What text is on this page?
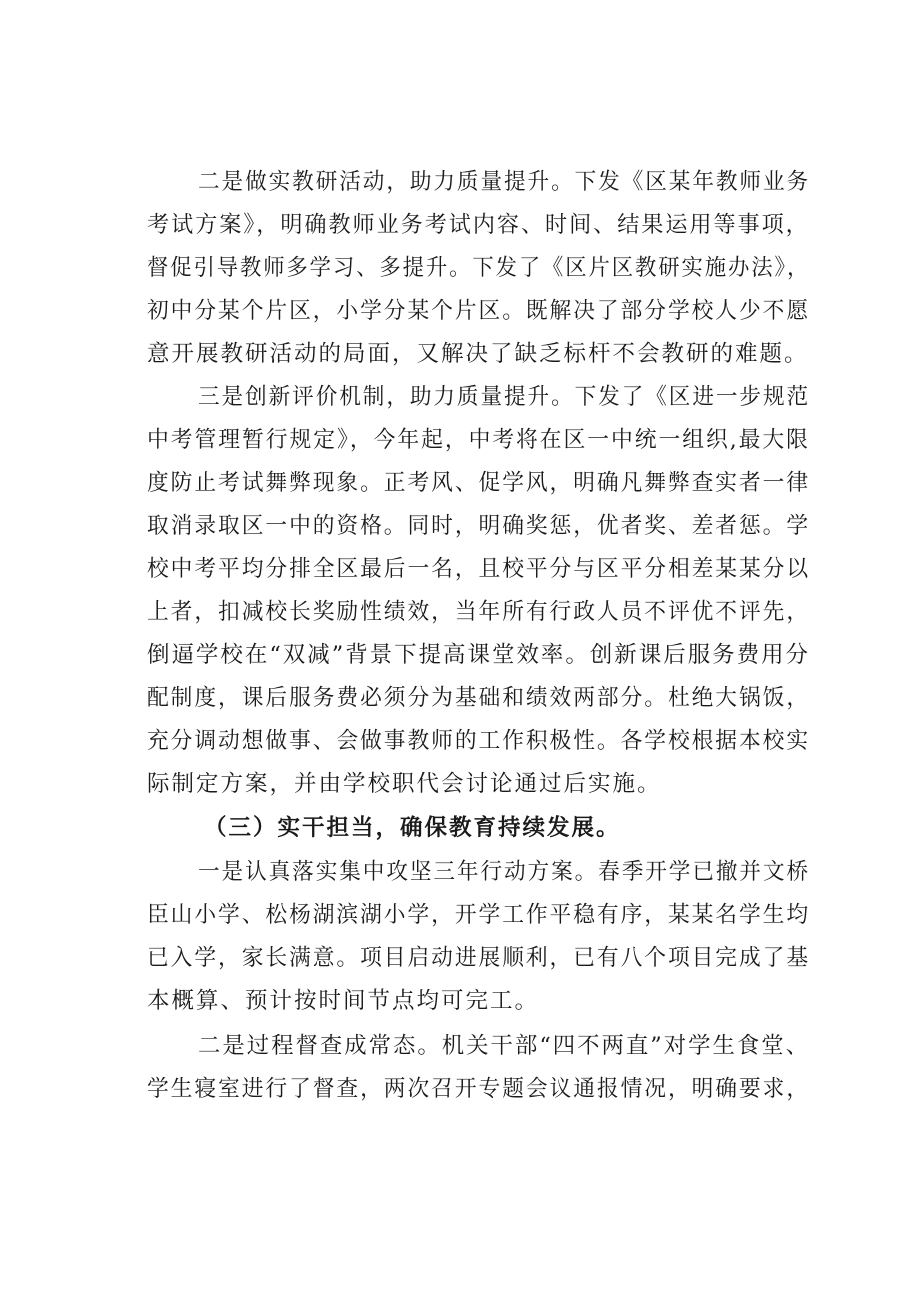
二是做实教研活动，助力质量提升。下发《区某年教师业务
考试方案》，明确教师业务考试内容、时间、结果运用等事项，
督促引导教师多学习、多提升。下发了《区片区教研实施办法》，
初中分某个片区，小学分某个片区。既解决了部分学校人少不愿
意开展教研活动的局面，又解决了缺乏标杆不会教研的难题。
三是创新评价机制，助力质量提升。下发了《区进一步规范
中考管理暂行规定》，今年起，中考将在区一中统一组织,最大限
度防止考试舞弊现象。正考风、促学风，明确凡舞弊查实者一律
取消录取区一中的资格。同时，明确奖惩，优者奖、差者惩。学
校中考平均分排全区最后一名，且校平分与区平分相差某某分以
上者，扣减校长奖励性绩效，当年所有行政人员不评优不评先，
倒逼学校在“双减”背景下提高课堂效率。创新课后服务费用分
配制度，课后服务费必须分为基础和绩效两部分。杜绝大锅饭，
充分调动想做事、会做事教师的工作积极性。各学校根据本校实
际制定方案，并由学校职代会讨论通过后实施。
（三）实干担当，确保教育持续发展。
一是认真落实集中攻坚三年行动方案。春季开学已撤并文桥
臣山小学、松杨湖滨湖小学，开学工作平稳有序，某某名学生均
已入学，家长满意。项目启动进展顺利，已有八个项目完成了基
本概算、预计按时间节点均可完工。
二是过程督查成常态。机关干部“四不两直”对学生食堂、
学生寝室进行了督查，两次召开专题会议通报情况，明确要求，
